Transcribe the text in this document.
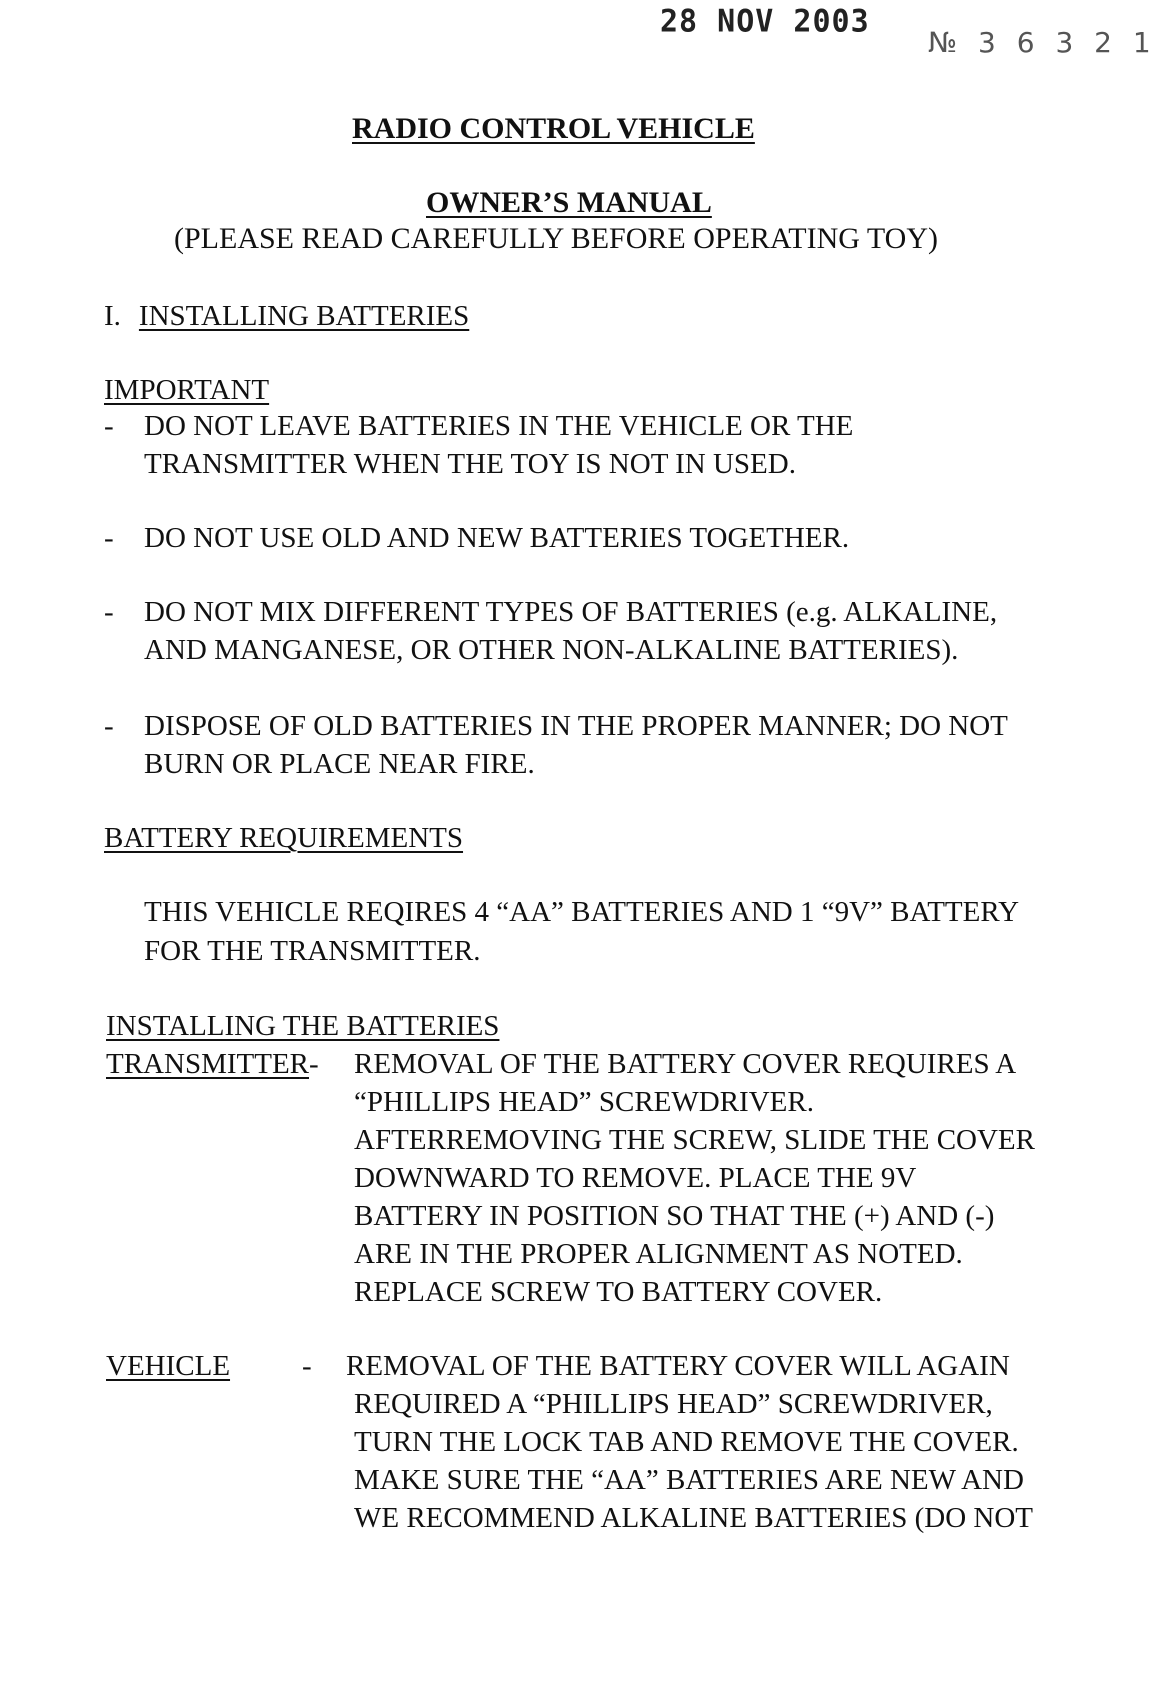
28 NOV 2003
№ 3 6 3 2 1
RADIO CONTROL VEHICLE
OWNER’S MANUAL
(PLEASE READ CAREFULLY BEFORE OPERATING TOY)
I. INSTALLING BATTERIES
IMPORTANT
- DO NOT LEAVE BATTERIES IN THE VEHICLE OR THE
TRANSMITTER WHEN THE TOY IS NOT IN USED.
- DO NOT USE OLD AND NEW BATTERIES TOGETHER.
- DO NOT MIX DIFFERENT TYPES OF BATTERIES (e.g. ALKALINE,
AND MANGANESE, OR OTHER NON-ALKALINE BATTERIES).
- DISPOSE OF OLD BATTERIES IN THE PROPER MANNER; DO NOT
BURN OR PLACE NEAR FIRE.
BATTERY REQUIREMENTS
THIS VEHICLE REQIRES 4 “AA” BATTERIES AND 1 “9V” BATTERY
FOR THE TRANSMITTER.
INSTALLING THE BATTERIES
TRANSMITTER- REMOVAL OF THE BATTERY COVER REQUIRES A
“PHILLIPS HEAD” SCREWDRIVER.
AFTERREMOVING THE SCREW, SLIDE THE COVER
DOWNWARD TO REMOVE. PLACE THE 9V
BATTERY IN POSITION SO THAT THE (+) AND (-)
ARE IN THE PROPER ALIGNMENT AS NOTED.
REPLACE SCREW TO BATTERY COVER.
VEHICLE - REMOVAL OF THE BATTERY COVER WILL AGAIN
REQUIRED A “PHILLIPS HEAD” SCREWDRIVER,
TURN THE LOCK TAB AND REMOVE THE COVER.
MAKE SURE THE “AA” BATTERIES ARE NEW AND
WE RECOMMEND ALKALINE BATTERIES (DO NOT
